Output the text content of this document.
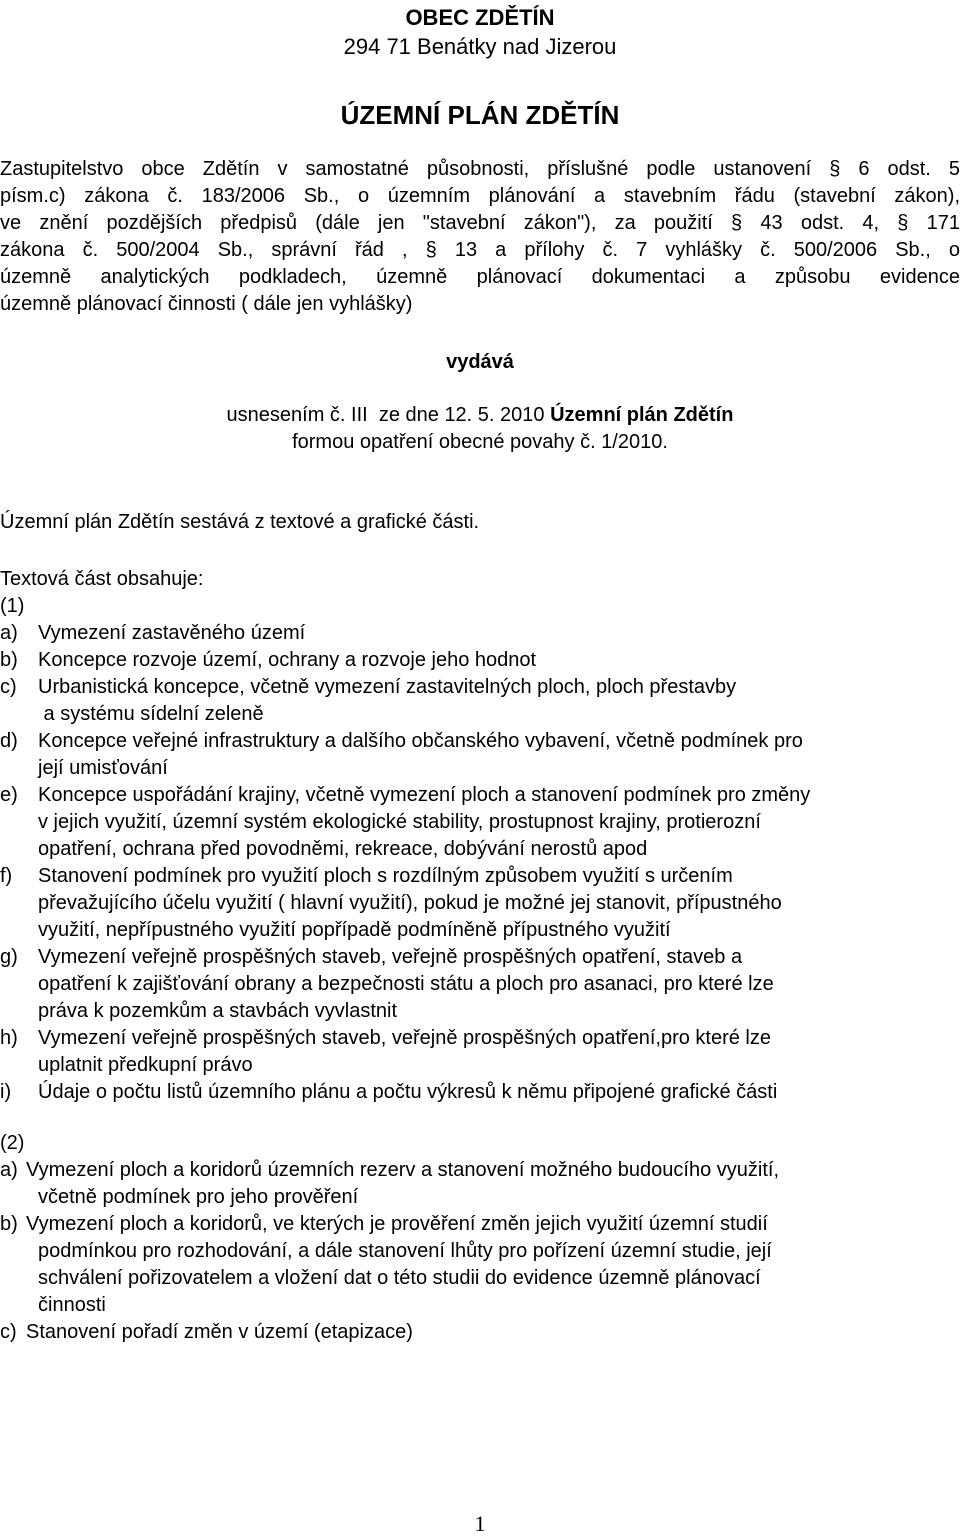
OBEC ZDĚTÍN
294 71 Benátky nad Jizerou
ÚZEMNÍ PLÁN ZDĚTÍN
Zastupitelstvo obce Zdětín v samostatné působnosti, příslušné podle ustanovení § 6 odst. 5
písm.c) zákona č. 183/2006 Sb., o územním plánování a stavebním řádu (stavební zákon),
ve znění pozdějších předpisů (dále jen "stavební zákon"), za použití § 43 odst. 4, § 171
zákona č. 500/2004 Sb., správní řád , § 13 a přílohy č. 7 vyhlášky č. 500/2006 Sb., o
územně analytických podkladech, územně plánovací dokumentaci a způsobu evidence
územně plánovací činnosti ( dále jen vyhlášky)
vydává
usnesením č. III  ze dne 12. 5. 2010 Územní plán Zdětín
formou opatření obecné povahy č. 1/2010.
Územní plán Zdětín sestává z textové a grafické části.
Textová část obsahuje:
(1)
a) Vymezení zastavěného území
b) Koncepce rozvoje území, ochrany a rozvoje jeho hodnot
c) Urbanistická koncepce, včetně vymezení zastavitelných ploch, ploch přestavby
a systému sídelní zeleně
d) Koncepce veřejné infrastruktury a dalšího občanského vybavení, včetně podmínek pro
její umisťování
e) Koncepce uspořádání krajiny, včetně vymezení ploch a stanovení podmínek pro změny
v jejich využití, územní systém ekologické stability, prostupnost krajiny, protierozní
opatření, ochrana před povodněmi, rekreace, dobývání nerostů apod
f) Stanovení podmínek pro využití ploch s rozdílným způsobem využití s určením
převažujícího účelu využití ( hlavní využití), pokud je možné jej stanovit, přípustného
využití, nepřípustného využití popřípadě podmíněně přípustného využití
g) Vymezení veřejně prospěšných staveb, veřejně prospěšných opatření, staveb a
opatření k zajišťování obrany a bezpečnosti státu a ploch pro asanaci, pro které lze
práva k pozemkům a stavbách vyvlastnit
h) Vymezení veřejně prospěšných staveb, veřejně prospěšných opatření,pro které lze
uplatnit předkupní právo
i) Údaje o počtu listů územního plánu a počtu výkresů k němu připojené grafické části
(2)
a) Vymezení ploch a koridorů územních rezerv a stanovení možného budoucího využití,
včetně podmínek pro jeho prověření
b) Vymezení ploch a koridorů, ve kterých je prověření změn jejich využití územní studií
podmínkou pro rozhodování, a dále stanovení lhůty pro pořízení územní studie, její
schválení pořizovatelem a vložení dat o této studii do evidence územně plánovací
činnosti
c) Stanovení pořadí změn v území (etapizace)
1
